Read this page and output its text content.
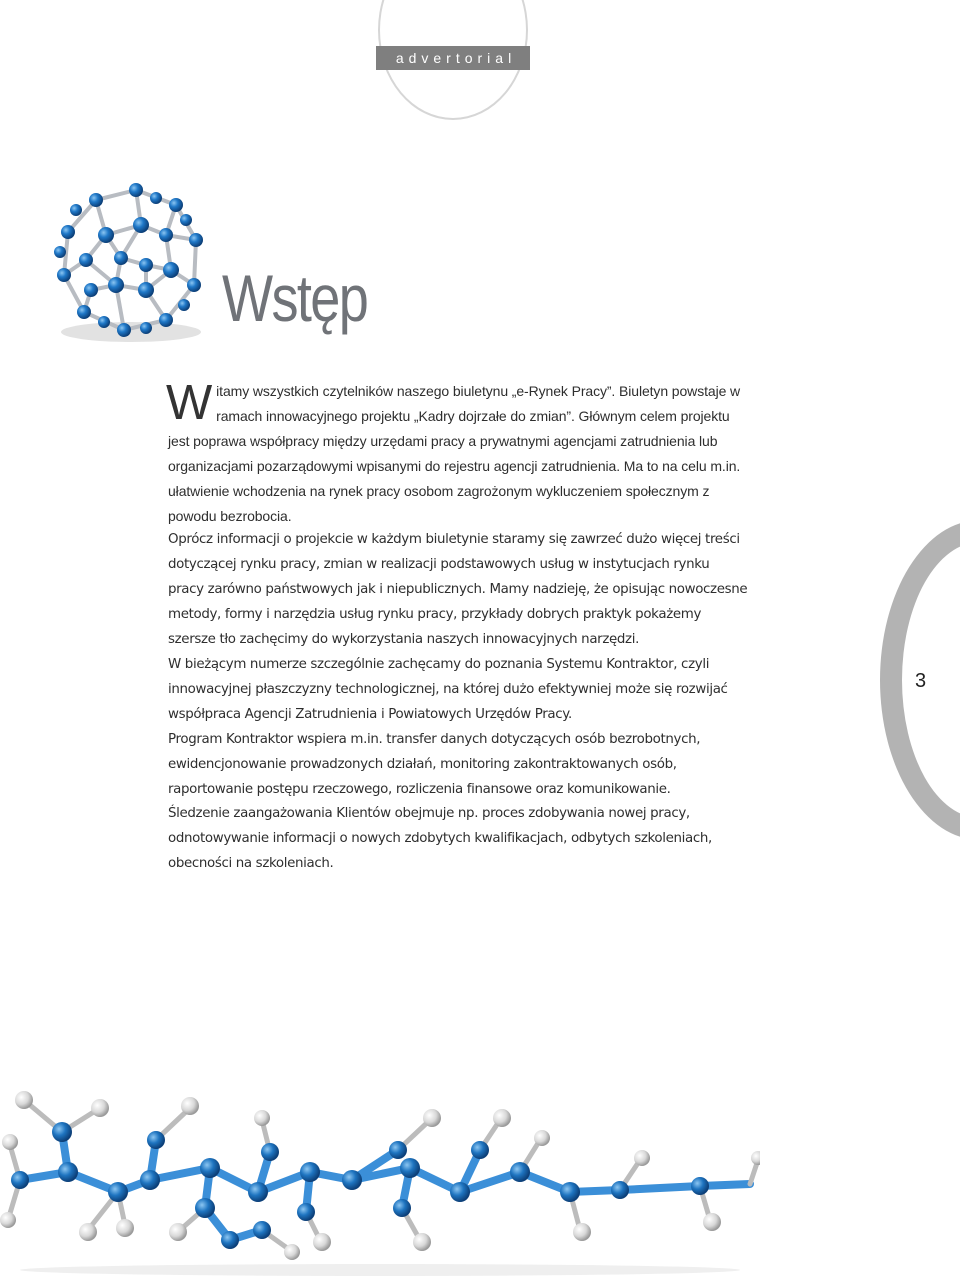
advertorial
Wstęp

Witamy wszystkich czytelników naszego biuletynu „e-Rynek Pracy”. Biuletyn powstaje w ramach innowacyjnego projektu „Kadry dojrzałe do zmian”. Głównym celem projektu jest poprawa współpracy między urzędami pracy a prywatnymi agencjami zatrudnienia lub organizacjami pozarządowymi wpisanymi do rejestru agencji zatrudnienia. Ma to na celu m.in. ułatwienie wchodzenia na rynek pracy osobom zagrożonym wykluczeniem społecznym z powodu bezrobocia.

Oprócz informacji o projekcie w każdym biuletynie staramy się zawrzeć dużo więcej treści dotyczącej rynku pracy, zmian w realizacji podstawowych usług w instytucjach rynku pracy zarówno państwowych jak i niepublicznych. Mamy nadzieję, że opisując nowoczesne metody, formy i narzędzia usług rynku pracy, przykłady dobrych praktyk pokażemy szersze tło zachęcimy do wykorzystania naszych innowacyjnych narzędzi.

W bieżącym numerze szczególnie zachęcamy do poznania Systemu Kontraktor, czyli innowacyjnej płaszczyzny technologicznej, na której dużo efektywniej może się rozwijać współpraca Agencji Zatrudnienia i Powiatowych Urzędów Pracy.

Program Kontraktor wspiera m.in. transfer danych dotyczących osób bezrobotnych, ewidencjonowanie prowadzonych działań, monitoring zakontraktowanych osób, raportowanie postępu rzeczowego, rozliczenia finansowe oraz komunikowanie.

Śledzenie zaangażowania Klientów obejmuje np. proces zdobywania nowej pracy, odnotowywanie informacji o nowych zdobytych kwalifikacjach, odbytych szkoleniach, obecności na szkoleniach.

3
